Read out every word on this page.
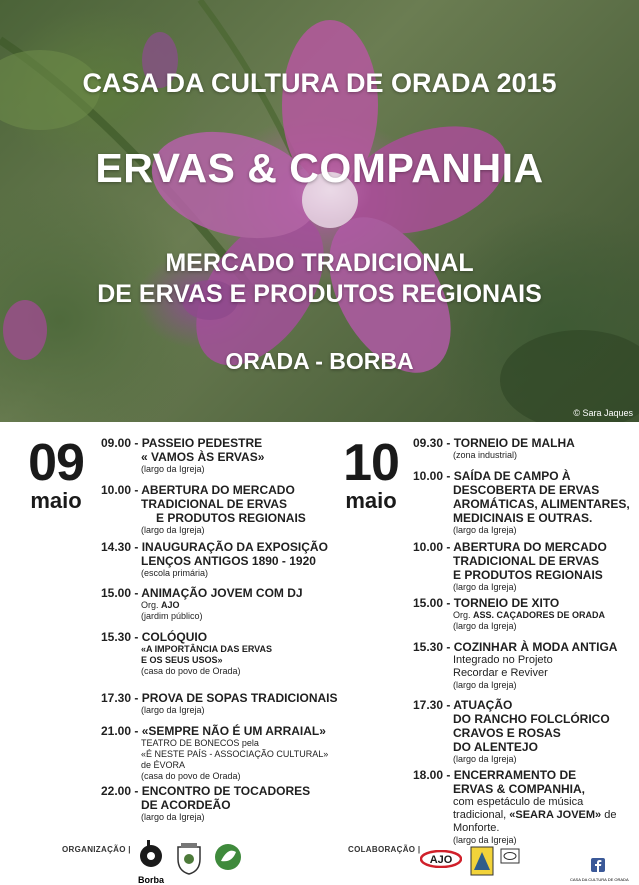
CASA DA CULTURA DE ORADA 2015
ERVAS & COMPANHIA
MERCADO TRADICIONAL
DE ERVAS E PRODUTOS REGIONAIS
ORADA - BORBA
© Sara Jaques
09
maio
09.00 - PASSEIO PEDESTRE
« VAMOS ÀS ERVAS»
(largo da Igreja)
10.00 - ABERTURA DO MERCADO
TRADICIONAL DE ERVAS
E PRODUTOS REGIONAIS
(largo da Igreja)
14.30 - INAUGURAÇÃO DA EXPOSIÇÃO
LENÇOS ANTIGOS 1890 - 1920
(escola primária)
15.00 - ANIMAÇÃO JOVEM COM DJ
Org. AJO
(jardim público)
15.30 - COLÓQUIO
«A IMPORTÂNCIA DAS ERVAS
E OS SEUS USOS»
(casa do povo de Orada)
17.30 - PROVA DE SOPAS TRADICIONAIS
(largo da Igreja)
21.00 - «SEMPRE NÃO É UM ARRAIAL»
TEATRO DE BONECOS pela
«É NESTE PAÍS - ASSOCIAÇÃO CULTURAL»
de ÉVORA
(casa do povo de Orada)
22.00 - ENCONTRO DE TOCADORES
DE ACORDEÃO
(largo da Igreja)
10
maio
09.30 - TORNEIO DE MALHA
(zona industrial)
10.00 - SAÍDA DE CAMPO À
DESCOBERTA DE ERVAS
AROMÁTICAS, ALIMENTARES,
MEDICINAIS E OUTRAS.
(largo da Igreja)
10.00 - ABERTURA DO MERCADO
TRADICIONAL DE ERVAS
E PRODUTOS REGIONAIS
(largo da Igreja)
15.00 - TORNEIO DE XITO
Org. ASS. CAÇADORES DE ORADA
(largo da Igreja)
15.30 - COZINHAR À MODA ANTIGA
Integrado no Projeto
Recordar e Reviver
(largo da Igreja)
17.30 - ATUAÇÃO
DO RANCHO FOLCLÓRICO
CRAVOS E ROSAS
DO ALENTEJO
(largo da Igreja)
18.00 - ENCERRAMENTO DE
ERVAS & COMPANHIA,
com espetáculo de música
tradicional, «SEARA JOVEM» de
Monforte.
(largo da Igreja)
ORGANIZAÇÃO |
Borba
COLABORAÇÃO |
AJO
CASA DA CULTURA DE ORADA
